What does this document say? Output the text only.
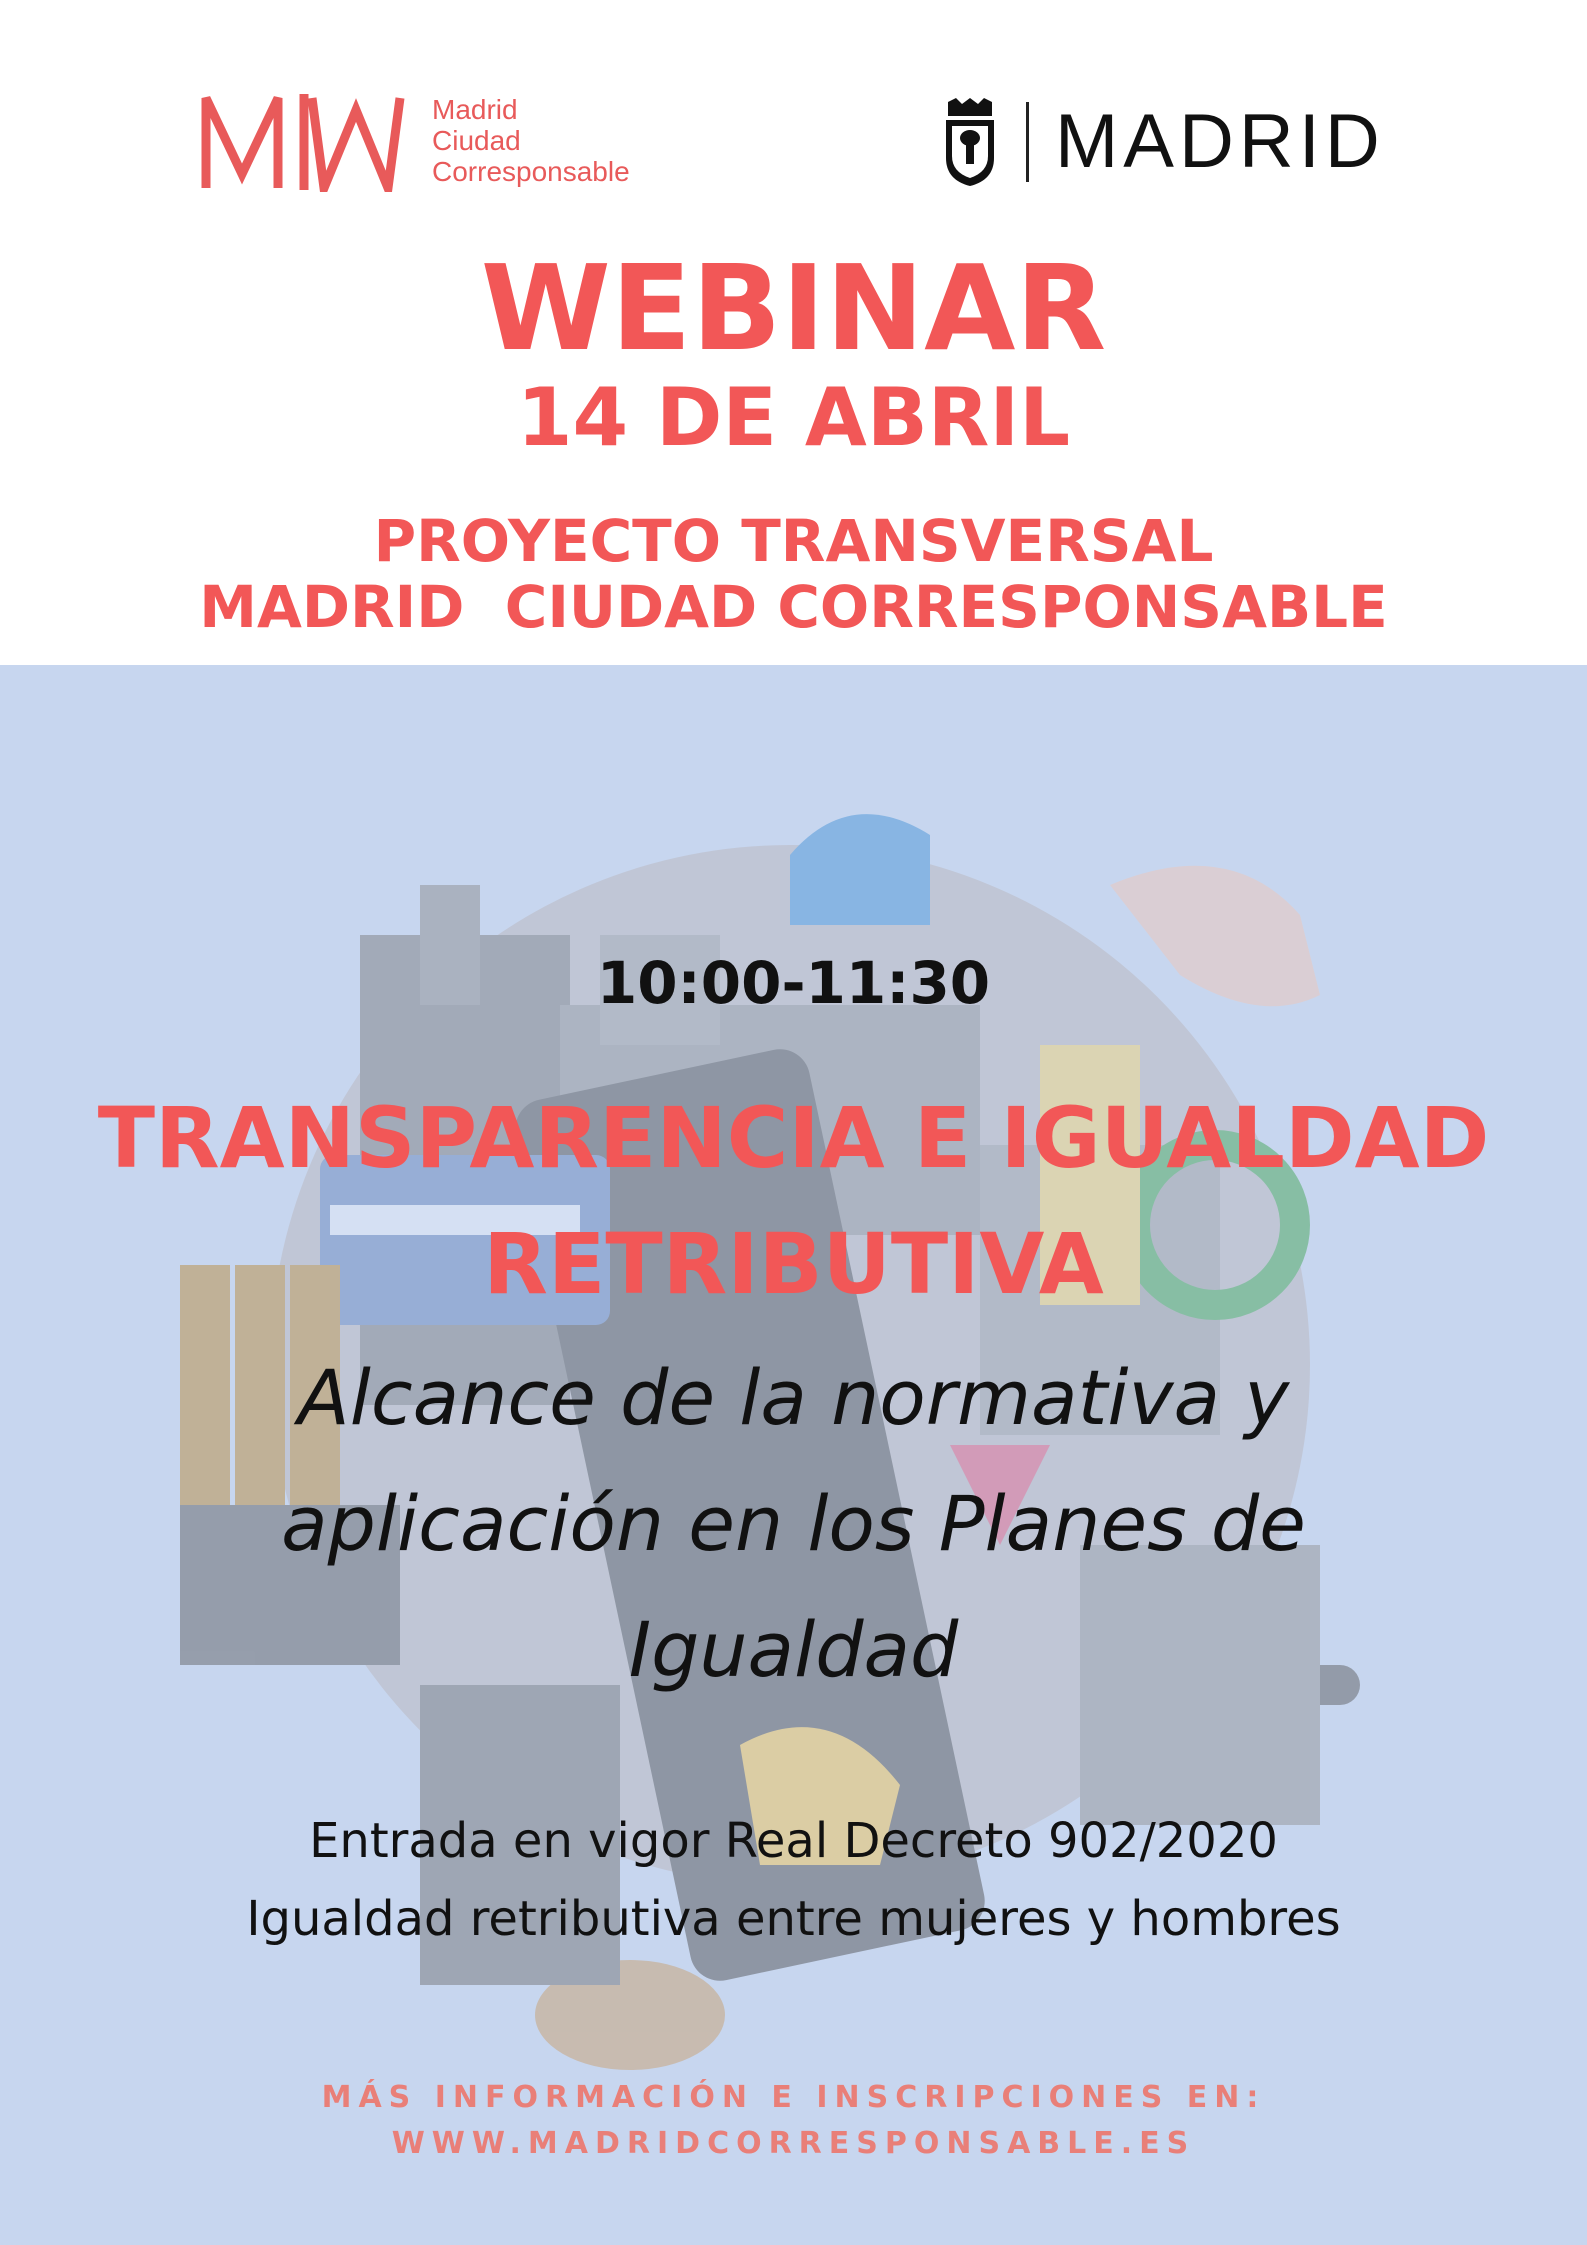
Madrid
Ciudad
Corresponsable	MADRID
WEBINAR
14 DE ABRIL
PROYECTO TRANSVERSAL
MADRID  CIUDAD CORRESPONSABLE
10:00-11:30
TRANSPARENCIA E IGUALDAD
RETRIBUTIVA
Alcance de la normativa y
aplicación en los Planes de
Igualdad
Entrada en vigor Real Decreto 902/2020
Igualdad retributiva entre mujeres y hombres
MÁS INFORMACIÓN E INSCRIPCIONES EN:
WWW.MADRIDCORRESPONSABLE.ES
